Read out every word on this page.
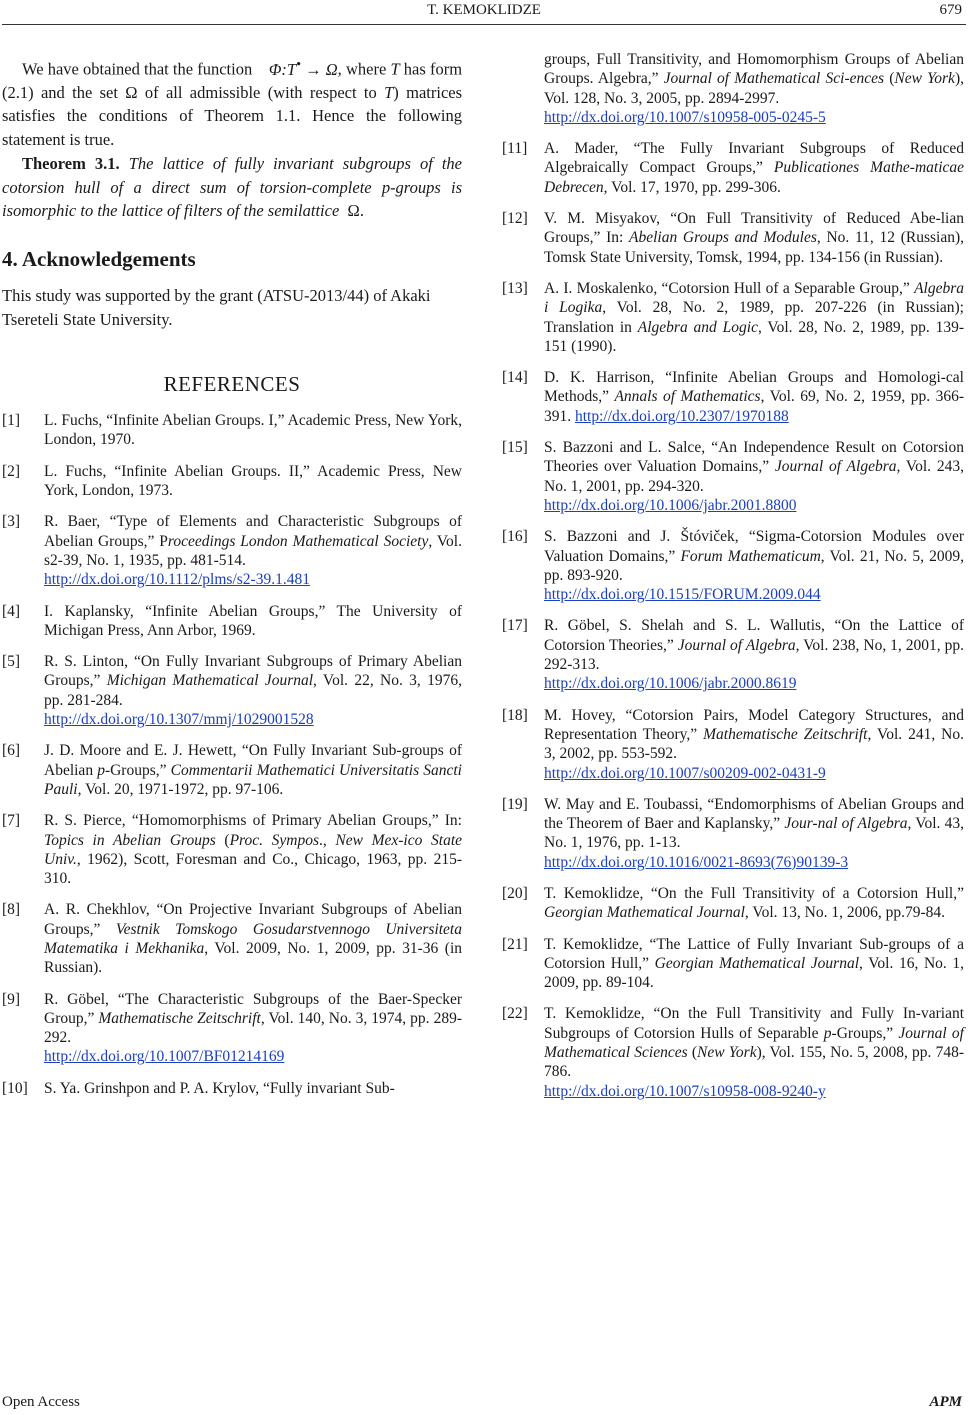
T. KEMOKLIDZE	679

We have obtained that the function Φ:T• → Ω, where T has form (2.1) and the set Ω of all admissible (with respect to T) matrices satisfies the conditions of Theorem 1.1. Hence the following statement is true.

Theorem 3.1. The lattice of fully invariant subgroups of the cotorsion hull of a direct sum of torsion-complete p-groups is isomorphic to the lattice of filters of the semilattice Ω.

4. Acknowledgements

This study was supported by the grant (ATSU-2013/44) of Akaki Tsereteli State University.

REFERENCES
[1]	L. Fuchs, “Infinite Abelian Groups. I,” Academic Press, New York, London, 1970.
[2]	L. Fuchs, “Infinite Abelian Groups. II,” Academic Press, New York, London, 1973.
[3]	R. Baer, “Type of Elements and Characteristic Subgroups of Abelian Groups,” Proceedings London Mathematical Society, Vol. s2-39, No. 1, 1935, pp. 481-514.
http://dx.doi.org/10.1112/plms/s2-39.1.481
[4]	I. Kaplansky, “Infinite Abelian Groups,” The University of Michigan Press, Ann Arbor, 1969.
[5]	R. S. Linton, “On Fully Invariant Subgroups of Primary Abelian Groups,” Michigan Mathematical Journal, Vol. 22, No. 3, 1976, pp. 281-284.
http://dx.doi.org/10.1307/mmj/1029001528
[6]	J. D. Moore and E. J. Hewett, “On Fully Invariant Sub-groups of Abelian p-Groups,” Commentarii Mathematici Universitatis Sancti Pauli, Vol. 20, 1971-1972, pp. 97-106.
[7]	R. S. Pierce, “Homomorphisms of Primary Abelian Groups,” In: Topics in Abelian Groups (Proc. Sympos., New Mex-ico State Univ., 1962), Scott, Foresman and Co., Chicago, 1963, pp. 215-310.
[8]	A. R. Chekhlov, “On Projective Invariant Subgroups of Abelian Groups,” Vestnik Tomskogo Gosudarstvennogo Universiteta Matematika i Mekhanika, Vol. 2009, No. 1, 2009, pp. 31-36 (in Russian).
[9]	R. Göbel, “The Characteristic Subgroups of the Baer-Specker Group,” Mathematische Zeitschrift, Vol. 140, No. 3, 1974, pp. 289-292.
http://dx.doi.org/10.1007/BF01214169
[10]	S. Ya. Grinshpon and P. A. Krylov, “Fully invariant Sub-
groups, Full Transitivity, and Homomorphism Groups of Abelian Groups. Algebra,” Journal of Mathematical Sci-ences (New York), Vol. 128, No. 3, 2005, pp. 2894-2997.
http://dx.doi.org/10.1007/s10958-005-0245-5
[11]	A. Mader, “The Fully Invariant Subgroups of Reduced Algebraically Compact Groups,” Publicationes Mathe-maticae Debrecen, Vol. 17, 1970, pp. 299-306.
[12]	V. M. Misyakov, “On Full Transitivity of Reduced Abe-lian Groups,” In: Abelian Groups and Modules, No. 11, 12 (Russian), Tomsk State University, Tomsk, 1994, pp. 134-156 (in Russian).
[13]	A. I. Moskalenko, “Cotorsion Hull of a Separable Group,” Algebra i Logika, Vol. 28, No. 2, 1989, pp. 207-226 (in Russian); Translation in Algebra and Logic, Vol. 28, No. 2, 1989, pp. 139-151 (1990).
[14]	D. K. Harrison, “Infinite Abelian Groups and Homologi-cal Methods,” Annals of Mathematics, Vol. 69, No. 2, 1959, pp. 366-391. http://dx.doi.org/10.2307/1970188
[15]	S. Bazzoni and L. Salce, “An Independence Result on Cotorsion Theories over Valuation Domains,” Journal of Algebra, Vol. 243, No. 1, 2001, pp. 294-320.
http://dx.doi.org/10.1006/jabr.2001.8800
[16]	S. Bazzoni and J. Štóviček, “Sigma-Cotorsion Modules over Valuation Domains,” Forum Mathematicum, Vol. 21, No. 5, 2009, pp. 893-920.
http://dx.doi.org/10.1515/FORUM.2009.044
[17]	R. Göbel, S. Shelah and S. L. Wallutis, “On the Lattice of Cotorsion Theories,” Journal of Algebra, Vol. 238, No, 1, 2001, pp. 292-313.
http://dx.doi.org/10.1006/jabr.2000.8619
[18]	M. Hovey, “Cotorsion Pairs, Model Category Structures, and Representation Theory,” Mathematische Zeitschrift, Vol. 241, No. 3, 2002, pp. 553-592.
http://dx.doi.org/10.1007/s00209-002-0431-9
[19]	W. May and E. Toubassi, “Endomorphisms of Abelian Groups and the Theorem of Baer and Kaplansky,” Jour-nal of Algebra, Vol. 43, No. 1, 1976, pp. 1-13.
http://dx.doi.org/10.1016/0021-8693(76)90139-3
[20]	T. Kemoklidze, “On the Full Transitivity of a Cotorsion Hull,” Georgian Mathematical Journal, Vol. 13, No. 1, 2006, pp.79-84.
[21]	T. Kemoklidze, “The Lattice of Fully Invariant Sub-groups of a Cotorsion Hull,” Georgian Mathematical Journal, Vol. 16, No. 1, 2009, pp. 89-104.
[22]	T. Kemoklidze, “On the Full Transitivity and Fully In-variant Subgroups of Cotorsion Hulls of Separable p-Groups,” Journal of Mathematical Sciences (New York), Vol. 155, No. 5, 2008, pp. 748-786.
http://dx.doi.org/10.1007/s10958-008-9240-y
Open Access	APM
